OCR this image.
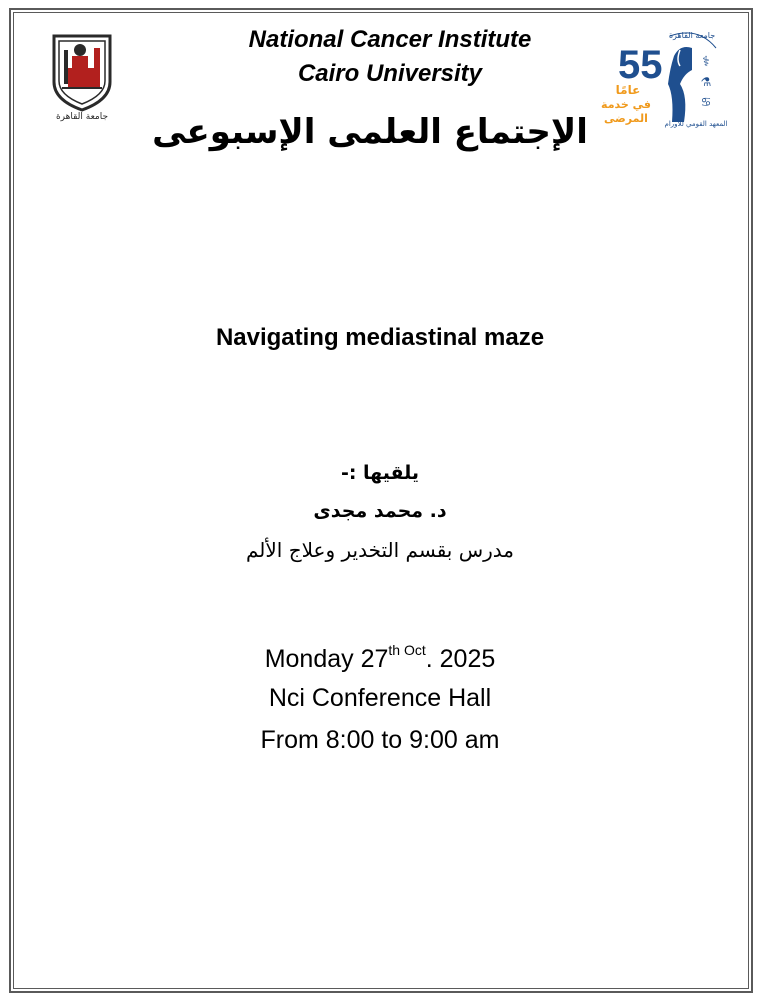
جامعة القاهرة
National Cancer Institute
Cairo University	55
عامًا
في خدمة
المرضى
جامعة القاهرة
⚕
⚗
♋
المعهد القومي للأورام
الإجتماع العلمى الإسبوعى
Navigating mediastinal maze
يلقيها :-
د. محمد مجدى
مدرس بقسم التخدير وعلاج الألم
Monday $27^{th Oct}$. 2025
Nci Conference Hall
From 8:00 to 9:00 am
